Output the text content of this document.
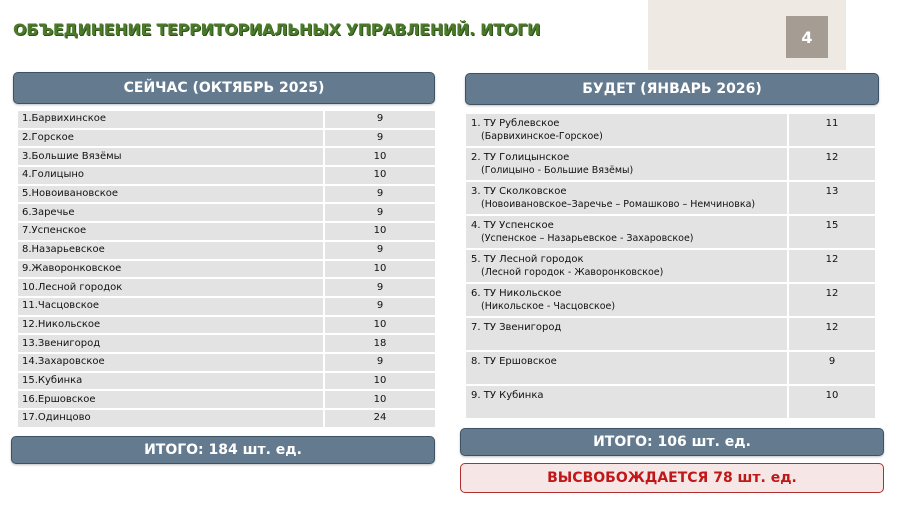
ОБЪЕДИНЕНИЕ ТЕРРИТОРИАЛЬНЫХ УПРАВЛЕНИЙ. ИТОГИ	4
СЕЙЧАС (ОКТЯБРЬ 2025)
1.Барвихинское	9
2.Горское	9
3.Большие Вязёмы	10
4.Голицыно	10
5.Новоивановское	9
6.Заречье	9
7.Успенское	10
8.Назарьевское	9
9.Жаворонковское	10
10.Лесной городок	9
11.Часцовское	9
12.Никольское	10
13.Звенигород	18
14.Захаровское	9
15.Кубинка	10
16.Ершовское	10
17.Одинцово	24
ИТОГО: 184 шт. ед.
БУДЕТ (ЯНВАРЬ 2026)
1. ТУ Рублевское
(Барвихинское-Горское)	11

2. ТУ Голицынское
(Голицыно - Большие Вязёмы)	12

3. ТУ Сколковское
(Новоивановское–Заречье – Ромашково – Немчиновка)	13

4. ТУ Успенское
(Успенское – Назарьевское - Захаровское)	15

5. ТУ Лесной городок
(Лесной городок - Жаворонковское)	12

6. ТУ Никольское
(Никольское - Часцовское)	12

7. ТУ Звенигород	12

8. ТУ Ершовское	9

9. ТУ Кубинка	10
ИТОГО: 106 шт. ед.
ВЫСВОБОЖДАЕТСЯ 78 шт. ед.
